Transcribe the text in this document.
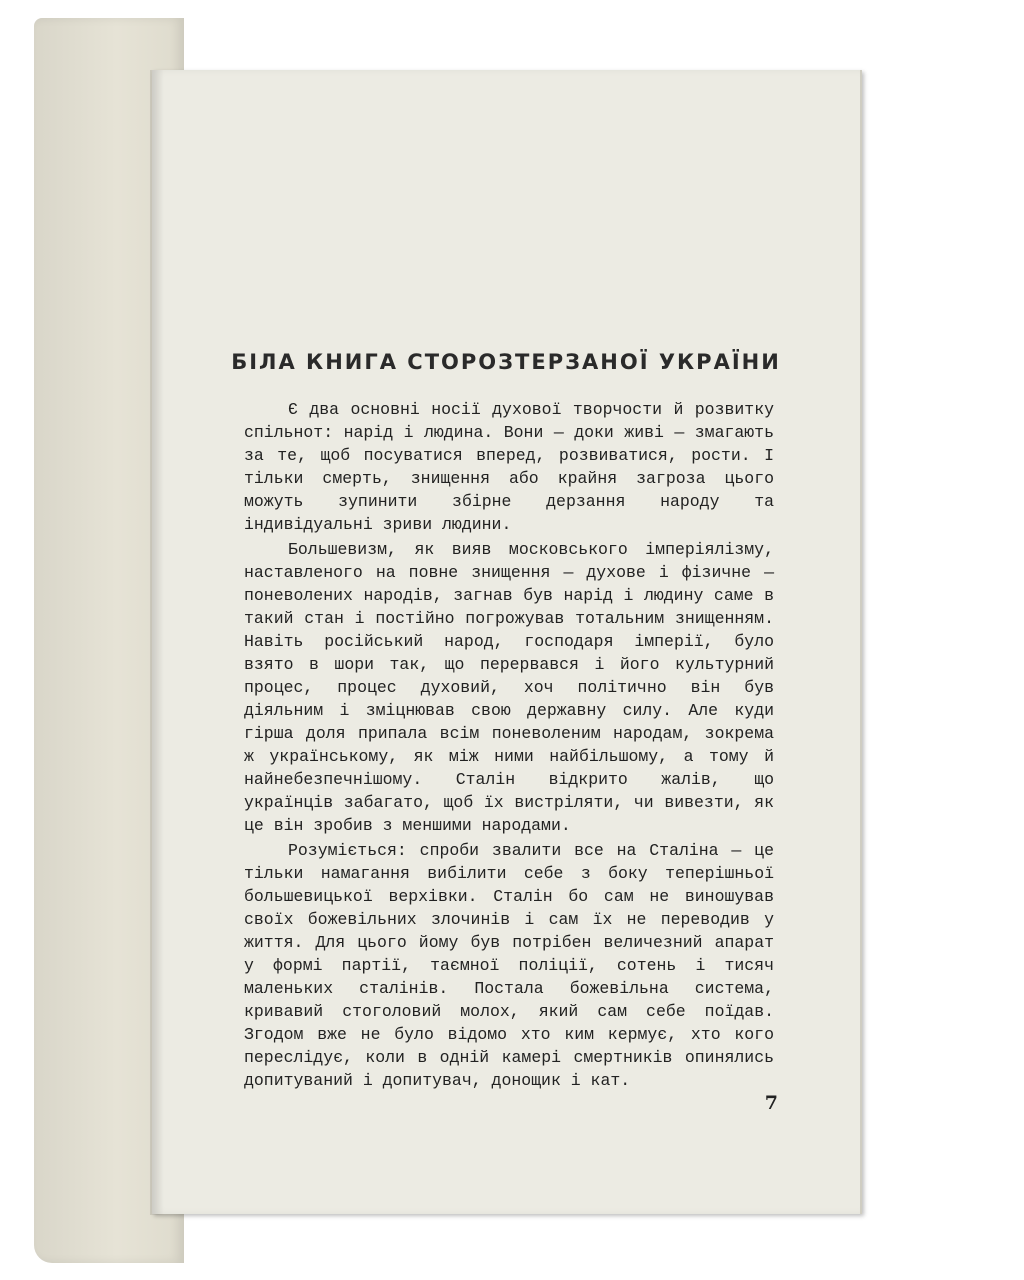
БІЛА КНИГА СТОРОЗТЕРЗАНОЇ УКРАЇНИ

Є два основні носії духової творчости й розвитку спільнот: нарід і людина. Вони — доки живі — змагають за те, щоб посуватися вперед, розвиватися, рости. І тільки смерть, знищення або крайня загроза цього можуть зупинити збірне дерзання народу та індивідуальні зриви людини.

Большевизм, як вияв московського імперіялізму, наставленого на повне знищення — духове і фізичне — поневолених народів, загнав був нарід і людину саме в такий стан і постійно погрожував тотальним знищенням. Навіть російський народ, господаря імперії, було взято в шори так, що перервався і його культурний процес, процес духовий, хоч політично він був діяльним і зміцнював свою державну силу. Але куди гірша доля припала всім поневоленим народам, зокрема ж українському, як між ними найбільшому, а тому й найнебезпечнішому. Сталін відкрито жалів, що українців забагато, щоб їх вистріляти, чи вивезти, як це він зробив з меншими народами.

Розуміється: спроби звалити все на Сталіна — це тільки намагання вибілити себе з боку теперішньої большевицької верхівки. Сталін бо сам не виношував своїх божевільних злочинів і сам їх не переводив у життя. Для цього йому був потрібен величезний апарат у формі партії, таємної поліції, сотень і тисяч маленьких сталінів. Постала божевільна система, кривавий стоголовий молох, який сам себе поїдав. Згодом вже не було відомо хто ким кермує, хто кого переслідує, коли в одній камері смертників опинялись допитуваний і допитувач, донощик і кат.

7
